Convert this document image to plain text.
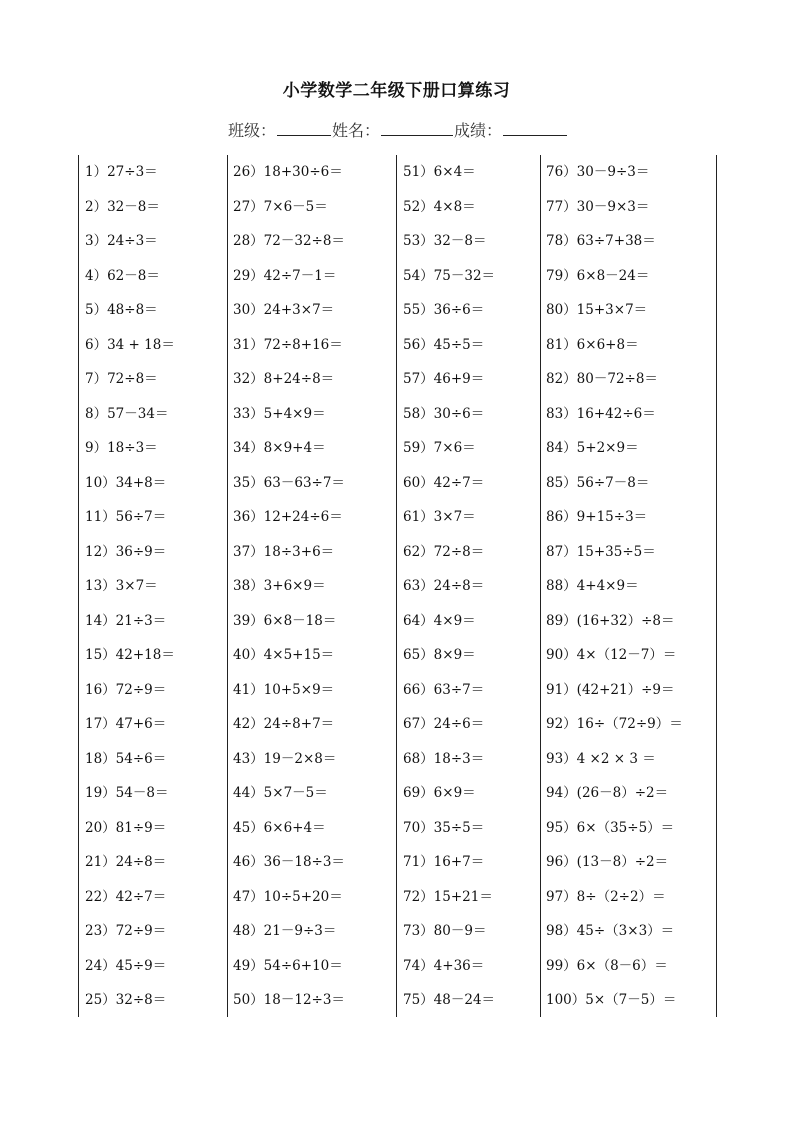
小学数学二年级下册口算练习
班级：	姓名：	成绩：
1）27÷3＝
2）32－8＝
3）24÷3＝
4）62－8＝
5）48÷8＝
6）34 + 18＝
7）72÷8＝
8）57－34＝
9）18÷3＝
10）34+8＝
11）56÷7＝
12）36÷9＝
13）3×7＝
14）21÷3＝
15）42+18＝
16）72÷9＝
17）47+6＝
18）54÷6＝
19）54－8＝
20）81÷9＝
21）24÷8＝
22）42÷7＝
23）72÷9＝
24）45÷9＝
25）32÷8＝
26）18+30÷6＝
27）7×6－5＝
28）72－32÷8＝
29）42÷7－1＝
30）24+3×7＝
31）72÷8+16＝
32）8+24÷8＝
33）5+4×9＝
34）8×9+4＝
35）63－63÷7＝
36）12+24÷6＝
37）18÷3+6＝
38）3+6×9＝
39）6×8－18＝
40）4×5+15＝
41）10+5×9＝
42）24÷8+7＝
43）19－2×8＝
44）5×7－5＝
45）6×6+4＝
46）36－18÷3＝
47）10÷5+20＝
48）21－9÷3＝
49）54÷6+10＝
50）18－12÷3＝
51）6×4＝
52）4×8＝
53）32－8＝
54）75－32＝
55）36÷6＝
56）45÷5＝
57）46+9＝
58）30÷6＝
59）7×6＝
60）42÷7＝
61）3×7＝
62）72÷8＝
63）24÷8＝
64）4×9＝
65）8×9＝
66）63÷7＝
67）24÷6＝
68）18÷3＝
69）6×9＝
70）35÷5＝
71）16+7＝
72）15+21＝
73）80－9＝
74）4+36＝
75）48－24＝
76）30－9÷3＝
77）30－9×3＝
78）63÷7+38＝
79）6×8－24＝
80）15+3×7＝
81）6×6+8＝
82）80－72÷8＝
83）16+42÷6＝
84）5+2×9＝
85）56÷7－8＝
86）9+15÷3＝
87）15+35÷5＝
88）4+4×9＝
89）(16+32）÷8＝
90）4×（12－7）＝
91）(42+21）÷9＝
92）16÷（72÷9）＝
93）4 ×2 × 3 ＝
94）(26－8）÷2＝
95）6×（35÷5）＝
96）(13－8）÷2＝
97）8÷（2÷2）＝
98）45÷（3×3）＝
99）6×（8－6）＝
100）5×（7－5）＝
